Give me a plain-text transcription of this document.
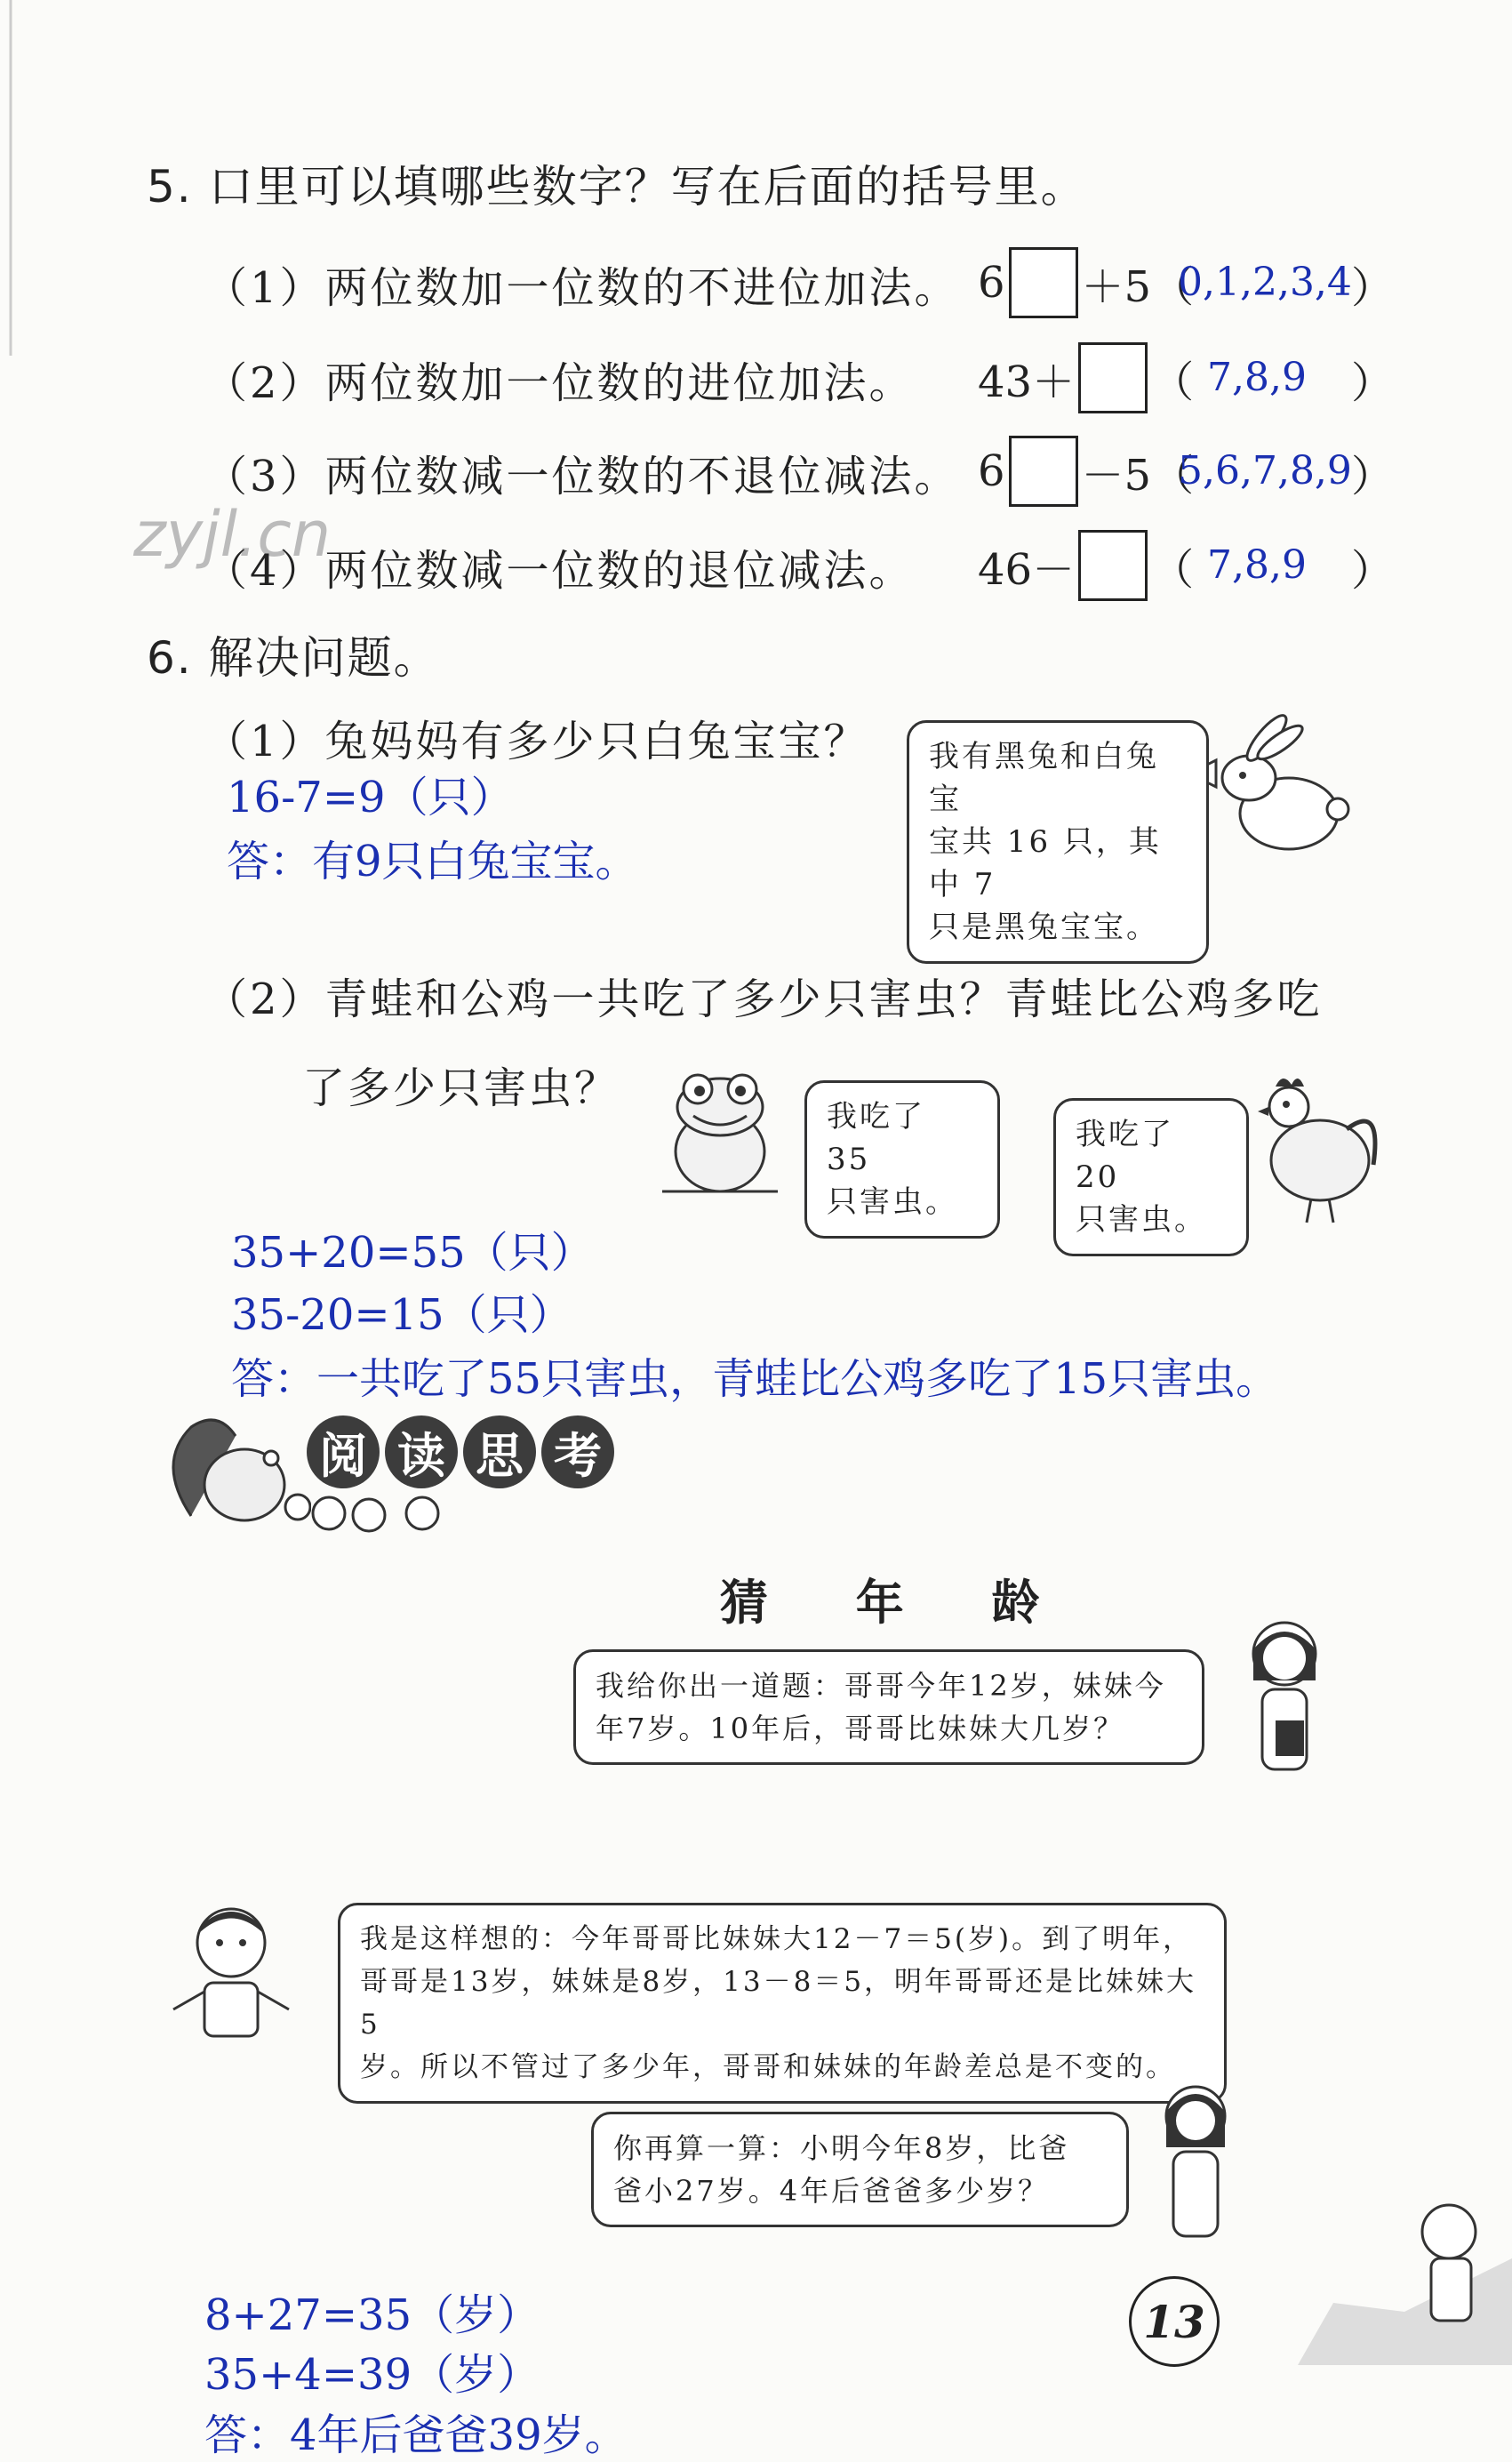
zyjl.cn
5. 口里可以填哪些数字？写在后面的括号里。
（1）两位数加一位数的不进位加法。 6 ＋5（
0,1,2,3,4 ）
（2）两位数加一位数的进位加法。 43＋ （ 7,8,9 ）
（3）两位数减一位数的不退位减法。 6 －5（
5,6,7,8,9 ）
（4）两位数减一位数的退位减法。 46－ （ 7,8,9 ）
6. 解决问题。
（1）兔妈妈有多少只白兔宝宝？
16-7=9（只）
答：有9只白兔宝宝。
我有黑兔和白兔宝
宝共 16 只，其中 7
只是黑兔宝宝。
（2）青蛙和公鸡一共吃了多少只害虫？青蛙比公鸡多吃
了多少只害虫？
我吃了 35
只害虫。
我吃了 20
只害虫。
35+20=55（只）
35-20=15（只）
答：一共吃了55只害虫，青蛙比公鸡多吃了15只害虫。
阅 读 思 考
猜 年 龄
我给你出一道题：哥哥今年12岁，妹妹今
年7岁。10年后，哥哥比妹妹大几岁？
我是这样想的：今年哥哥比妹妹大12－7＝5(岁)。到了明年，
哥哥是13岁，妹妹是8岁，13－8＝5，明年哥哥还是比妹妹大5
岁。所以不管过了多少年，哥哥和妹妹的年龄差总是不变的。
你再算一算：小明今年8岁，比爸
爸小27岁。4年后爸爸多少岁？
13
8+27=35（岁）
35+4=39（岁）
答：4年后爸爸39岁。
